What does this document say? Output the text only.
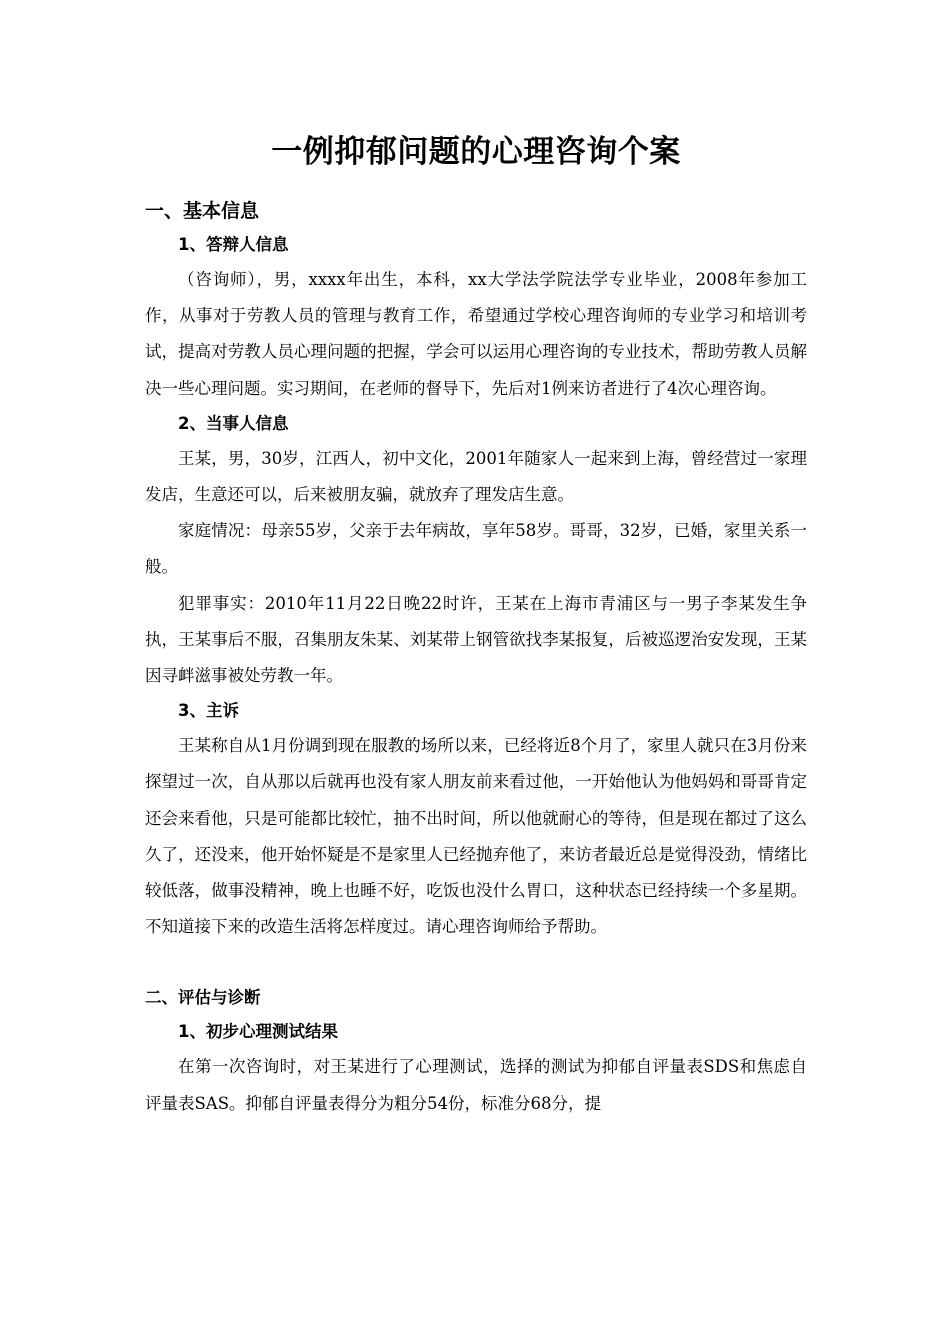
一例抑郁问题的心理咨询个案
一、基本信息
1、答辩人信息

（咨询师），男，xxxx年出生，本科，xx大学法学院法学专业毕业，2008年参加工作，从事对于劳教人员的管理与教育工作，希望通过学校心理咨询师的专业学习和培训考试，提高对劳教人员心理问题的把握，学会可以运用心理咨询的专业技术，帮助劳教人员解决一些心理问题。实习期间，在老师的督导下，先后对1例来访者进行了4次心理咨询。

2、当事人信息

王某，男，30岁，江西人，初中文化，2001年随家人一起来到上海，曾经营过一家理发店，生意还可以，后来被朋友骗，就放弃了理发店生意。

家庭情况：母亲55岁，父亲于去年病故，享年58岁。哥哥，32岁，已婚，家里关系一般。

犯罪事实：2010年11月22日晚22时许，王某在上海市青浦区与一男子李某发生争执，王某事后不服，召集朋友朱某、刘某带上钢管欲找李某报复，后被巡逻治安发现，王某因寻衅滋事被处劳教一年。

3、主诉

王某称自从1月份调到现在服教的场所以来，已经将近8个月了，家里人就只在3月份来探望过一次，自从那以后就再也没有家人朋友前来看过他，一开始他认为他妈妈和哥哥肯定还会来看他，只是可能都比较忙，抽不出时间，所以他就耐心的等待，但是现在都过了这么久了，还没来，他开始怀疑是不是家里人已经抛弃他了，来访者最近总是觉得没劲，情绪比较低落，做事没精神，晚上也睡不好，吃饭也没什么胃口，这种状态已经持续一个多星期。不知道接下来的改造生活将怎样度过。请心理咨询师给予帮助。

二、评估与诊断
1、初步心理测试结果

在第一次咨询时，对王某进行了心理测试，选择的测试为抑郁自评量表SDS和焦虑自评量表SAS。抑郁自评量表得分为粗分54份，标准分68分，提
